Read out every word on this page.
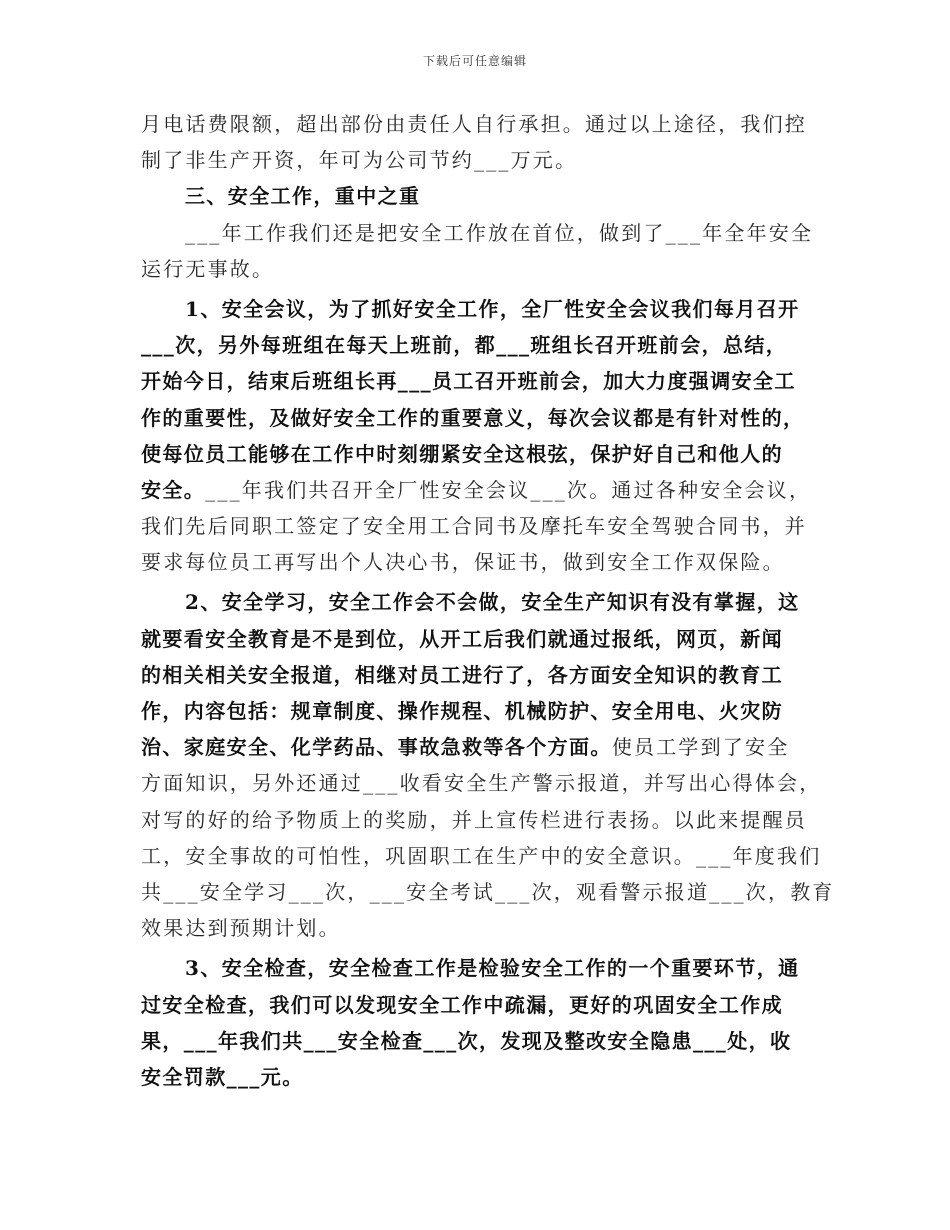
下载后可任意编辑
月电话费限额，超出部份由责任人自行承担。通过以上途径，我们控
制了非生产开资，年可为公司节约___万元。
三、安全工作，重中之重
___年工作我们还是把安全工作放在首位，做到了___年全年安全
运行无事故。
1、安全会议，为了抓好安全工作，全厂性安全会议我们每月召开
___次，另外每班组在每天上班前，都___班组长召开班前会，总结，
开始今日，结束后班组长再___员工召开班前会，加大力度强调安全工
作的重要性，及做好安全工作的重要意义，每次会议都是有针对性的，
使每位员工能够在工作中时刻绷紧安全这根弦，保护好自己和他人的
安全。___年我们共召开全厂性安全会议___次。通过各种安全会议，
我们先后同职工签定了安全用工合同书及摩托车安全驾驶合同书，并
要求每位员工再写出个人决心书，保证书，做到安全工作双保险。
2、安全学习，安全工作会不会做，安全生产知识有没有掌握，这
就要看安全教育是不是到位，从开工后我们就通过报纸，网页，新闻
的相关相关安全报道，相继对员工进行了，各方面安全知识的教育工
作，内容包括：规章制度、操作规程、机械防护、安全用电、火灾防
治、家庭安全、化学药品、事故急救等各个方面。使员工学到了安全
方面知识，另外还通过___收看安全生产警示报道，并写出心得体会，
对写的好的给予物质上的奖励，并上宣传栏进行表扬。以此来提醒员
工，安全事故的可怕性，巩固职工在生产中的安全意识。___年度我们
共___安全学习___次，___安全考试___次，观看警示报道___次，教育
效果达到预期计划。
3、安全检查，安全检查工作是检验安全工作的一个重要环节，通
过安全检查，我们可以发现安全工作中疏漏，更好的巩固安全工作成
果，___年我们共___安全检查___次，发现及整改安全隐患___处，收
安全罚款___元。
